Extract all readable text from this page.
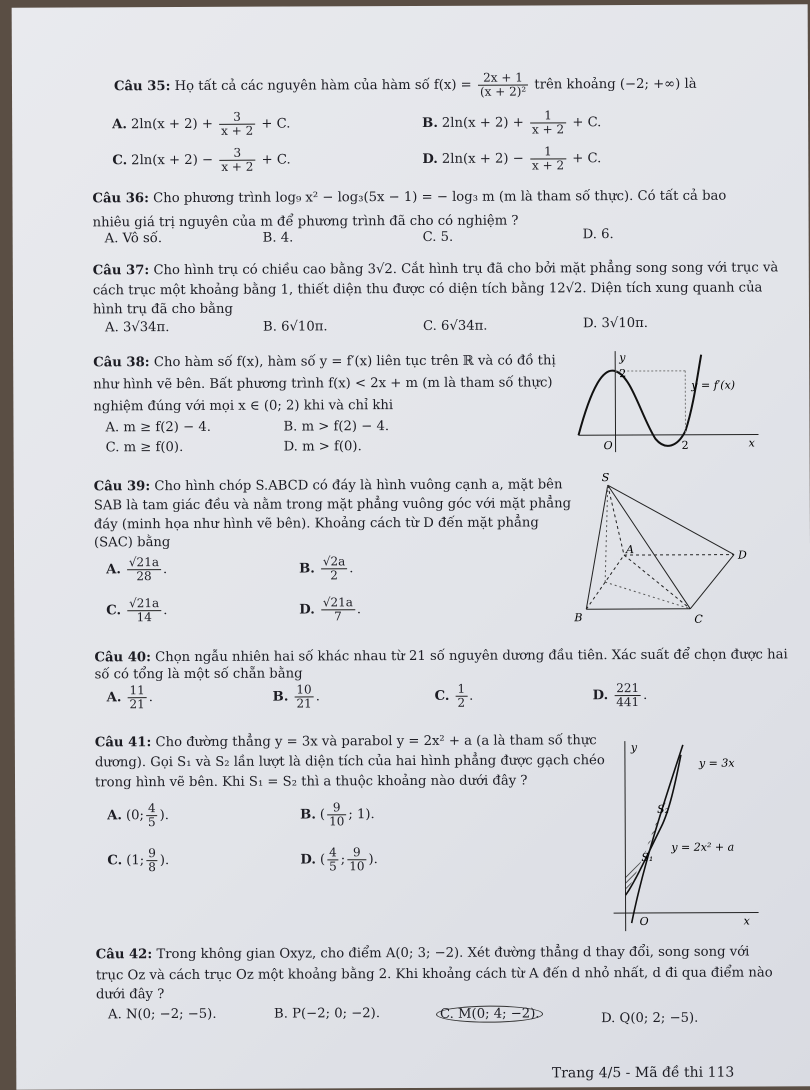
Câu 35: Họ tất cả các nguyên hàm của hàm số $f(x) = \frac{2x + 1}{\text{(x + 2)²}}$ trên khoảng (−2; +∞) là
A. $2\ln(x + 2) + \frac{3}{x + 2} + C$.	B. $2\ln(x + 2) + \frac{1}{x + 2} + C$.
C. $2\ln(x + 2) - \frac{3}{x + 2} + C$.	D. $2\ln(x + 2) - \frac{1}{x + 2} + C$.
Câu 36: Cho phương trình log₉ x² − log₃(5x − 1) = − log₃ m (m là tham số thực). Có tất cả bao
nhiêu giá trị nguyên của m để phương trình đã cho có nghiệm ?
A. Vô số.	B. 4.	C. 5.	D. 6.
Câu 37: Cho hình trụ có chiều cao bằng 3√2. Cắt hình trụ đã cho bởi mặt phẳng song song với trục và
cách trục một khoảng bằng 1, thiết diện thu được có diện tích bằng 12√2. Diện tích xung quanh của
hình trụ đã cho bằng
A. 3√34π.	B. 6√10π.	C. 6√34π.	D. 3√10π.
Câu 38: Cho hàm số f(x), hàm số y = f′(x) liên tục trên ℝ và có đồ thị
như hình vẽ bên. Bất phương trình f(x) < 2x + m (m là tham số thực)
nghiệm đúng với mọi x ∈ (0; 2) khi và chỉ khi
A. m ≥ f(2) − 4.	B. m > f(2) − 4.
C. m ≥ f(0).	D. m > f(0).
y
x
O
2
2
y = f′(x)
Câu 39: Cho hình chóp S.ABCD có đáy là hình vuông cạnh a, mặt bên
SAB là tam giác đều và nằm trong mặt phẳng vuông góc với mặt phẳng
đáy (minh họa như hình vẽ bên). Khoảng cách từ D đến mặt phẳng
(SAC) bằng
A. $\frac{√21a}{28}$ .	B. $\frac{√2a}{2}$ .
C. $\frac{√21a}{14}$ .	D. $\frac{√21a}{7}$ .
S
A
B	C
D
Câu 40: Chọn ngẫu nhiên hai số khác nhau từ 21 số nguyên dương đầu tiên. Xác suất để chọn được hai
số có tổng là một số chẵn bằng
A. $\frac{11}{21}$ .	B. $\frac{10}{21}$ .	C. $\frac{1}{2}$ .	D. $\frac{221}{441}$ .
Câu 41: Cho đường thẳng y = 3x và parabol y = 2x² + a (a là tham số thực
dương). Gọi S₁ và S₂ lần lượt là diện tích của hai hình phẳng được gạch chéo
trong hình vẽ bên. Khi S₁ = S₂ thì a thuộc khoảng nào dưới đây ?
A. (0; $\frac{4}{5}$ ).	B. ( $\frac{9}{10}$ ; 1).
C. (1; $\frac{9}{8}$ ).	D. ( $\frac{4}{5}$ ; $\frac{9}{10}$ ).
y
x
O
y = 3x
y = 2x² + a
S₂
S₁
Câu 42: Trong không gian Oxyz, cho điểm A(0; 3; −2). Xét đường thẳng d thay đổi, song song với
trục Oz và cách trục Oz một khoảng bằng 2. Khi khoảng cách từ A đến d nhỏ nhất, d đi qua điểm nào
dưới đây ?
A. N(0; −2; −5).	B. P(−2; 0; −2).	C. M(0; 4; −2).	D. Q(0; 2; −5).
Trang 4/5 - Mã đề thi 113
